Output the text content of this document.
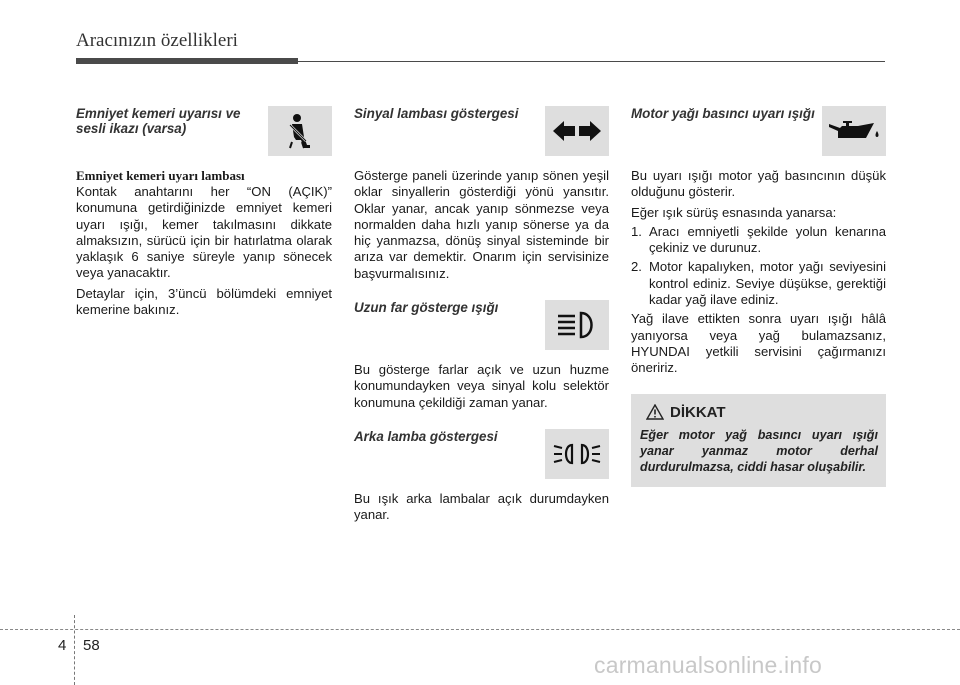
Aracınızın özellikleri
Emniyet kemeri uyarısı ve sesli ikazı (varsa)
Emniyet kemeri uyarı lambası
Kontak anahtarını her “ON (AÇIK)” konumuna getirdiğinizde emniyet kemeri uyarı ışığı, kemer takılmasını dikkate almaksızın, sürücü için bir hatırlatma olarak yaklaşık 6 saniye süreyle yanıp sönecek veya yanacaktır.
Detaylar için, 3’üncü bölümdeki emniyet kemerine bakınız.
Sinyal lambası göstergesi
Gösterge paneli üzerinde yanıp sönen yeşil oklar sinyallerin gösterdiği yönü yansıtır. Oklar yanar, ancak yanıp sönmezse veya normalden daha hızlı yanıp sönerse ya da hiç yanmazsa, dönüş sinyal sisteminde bir arıza var demektir. Onarım için servisinize başvurmalısınız.
Uzun far gösterge ışığı
Bu gösterge farlar açık ve uzun huzme konumundayken veya sinyal kolu selektör konumuna çekildiği zaman yanar.
Arka lamba göstergesi
Bu ışık arka lambalar açık durumdayken yanar.
Motor yağı basıncı uyarı ışığı
Bu uyarı ışığı motor yağ basıncının düşük olduğunu gösterir.
Eğer ışık sürüş esnasında yanarsa:
1. Aracı emniyetli şekilde yolun kenarına çekiniz ve durunuz.
2. Motor kapalıyken, motor yağı seviyesini kontrol ediniz. Seviye düşükse, gerektiği kadar yağ ilave ediniz.
Yağ ilave ettikten sonra uyarı ışığı hâlâ yanıyorsa veya yağ bulamazsanız, HYUNDAI yetkili servisini çağırmanızı öneririz.
DİKKAT
Eğer motor yağ basıncı uyarı ışığı yanar yanmaz motor derhal durdurulmazsa, ciddi hasar oluşabilir.
4 58
carmanualsonline.info
